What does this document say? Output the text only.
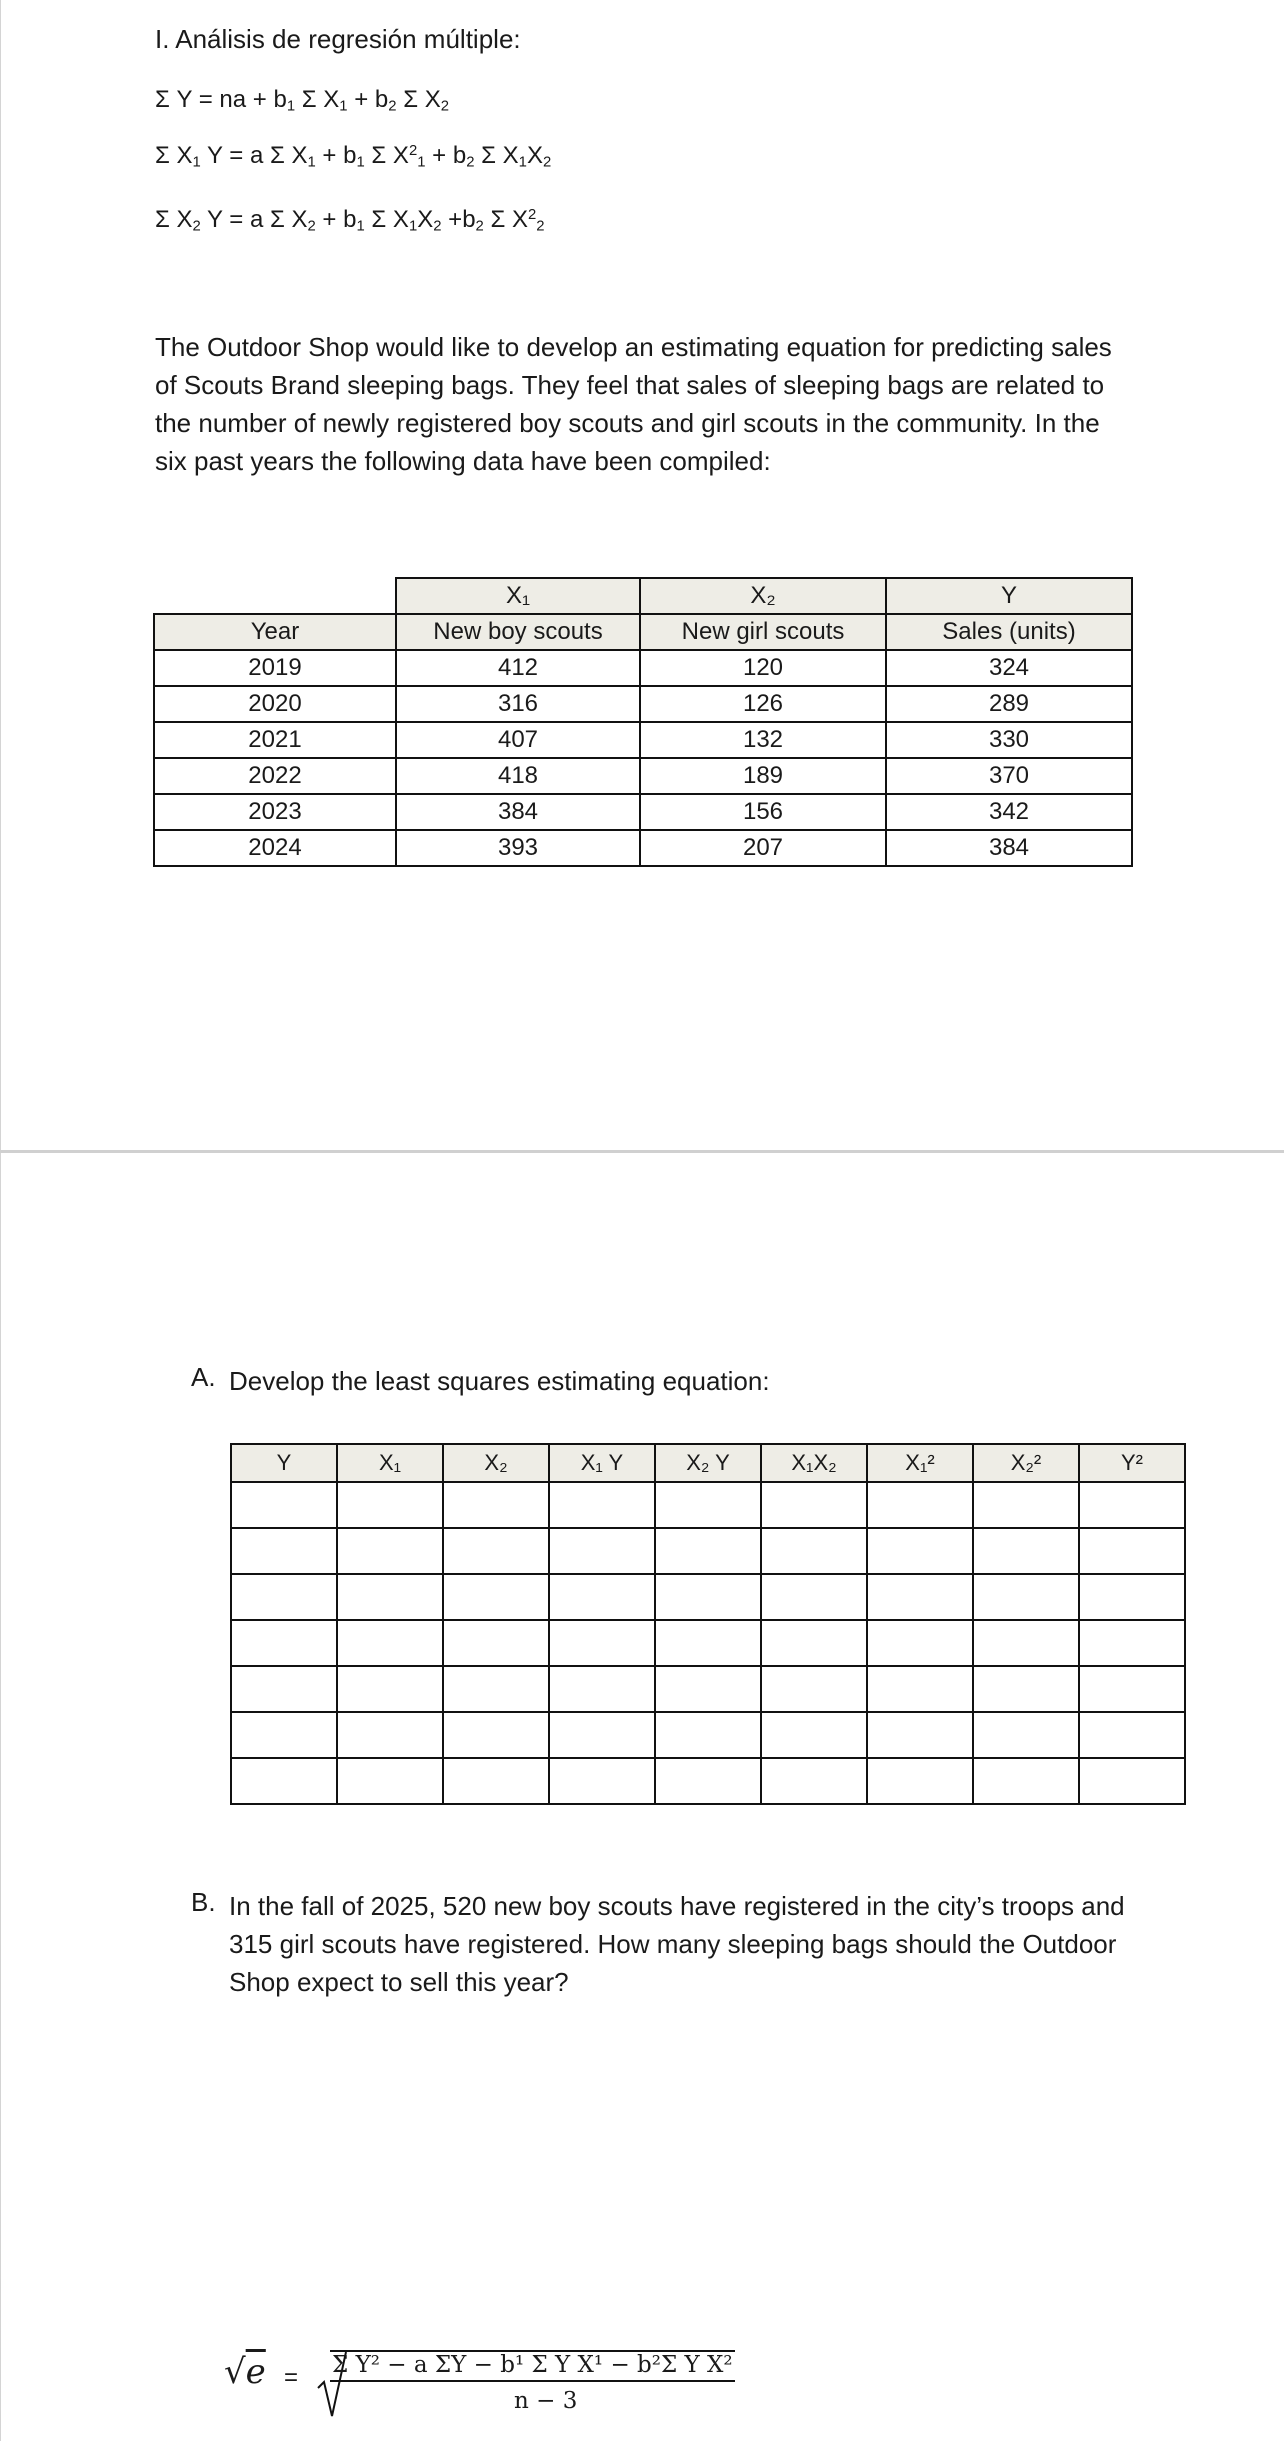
I. Análisis de regresión múltiple:
Σ Y = na + $b_1$ Σ $X_1 + b_2$ Σ $X_2$
Σ $X_1$ Y = a Σ $X_1 + b_1$ Σ $X^2_1 + b_2$ Σ $X_1X_2$
Σ $X_2$ Y = a Σ $X_2 + b_1$ Σ $X_1X_2 +b_2$ Σ $X^2_2$

The Outdoor Shop would like to develop an estimating equation for predicting sales of Scouts Brand sleeping bags. They feel that sales of sleeping bags are related to the number of newly registered boy scouts and girl scouts in the community. In the six past years the following data have been compiled:

	X₁	X₂	Y
Year	New boy scouts	New girl scouts	Sales (units)
2019	412	120	324
2020	316	126	289
2021	407	132	330
2022	418	189	370
2023	384	156	342
2024	393	207	384
A. Develop the least squares estimating equation:
Y	X₁	X₂	X₁ Y	X₂ Y	X₁X₂	X₁²	X₂²	Y²

B. In the fall of 2025, 520 new boy scouts have registered in the city’s troops and 315 girl scouts have registered. How many sleeping bags should the Outdoor Shop expect to sell this year?
√e = Σ Y² − a ΣY − b¹ Σ Y X¹ − b²Σ Y X²
n − 3
